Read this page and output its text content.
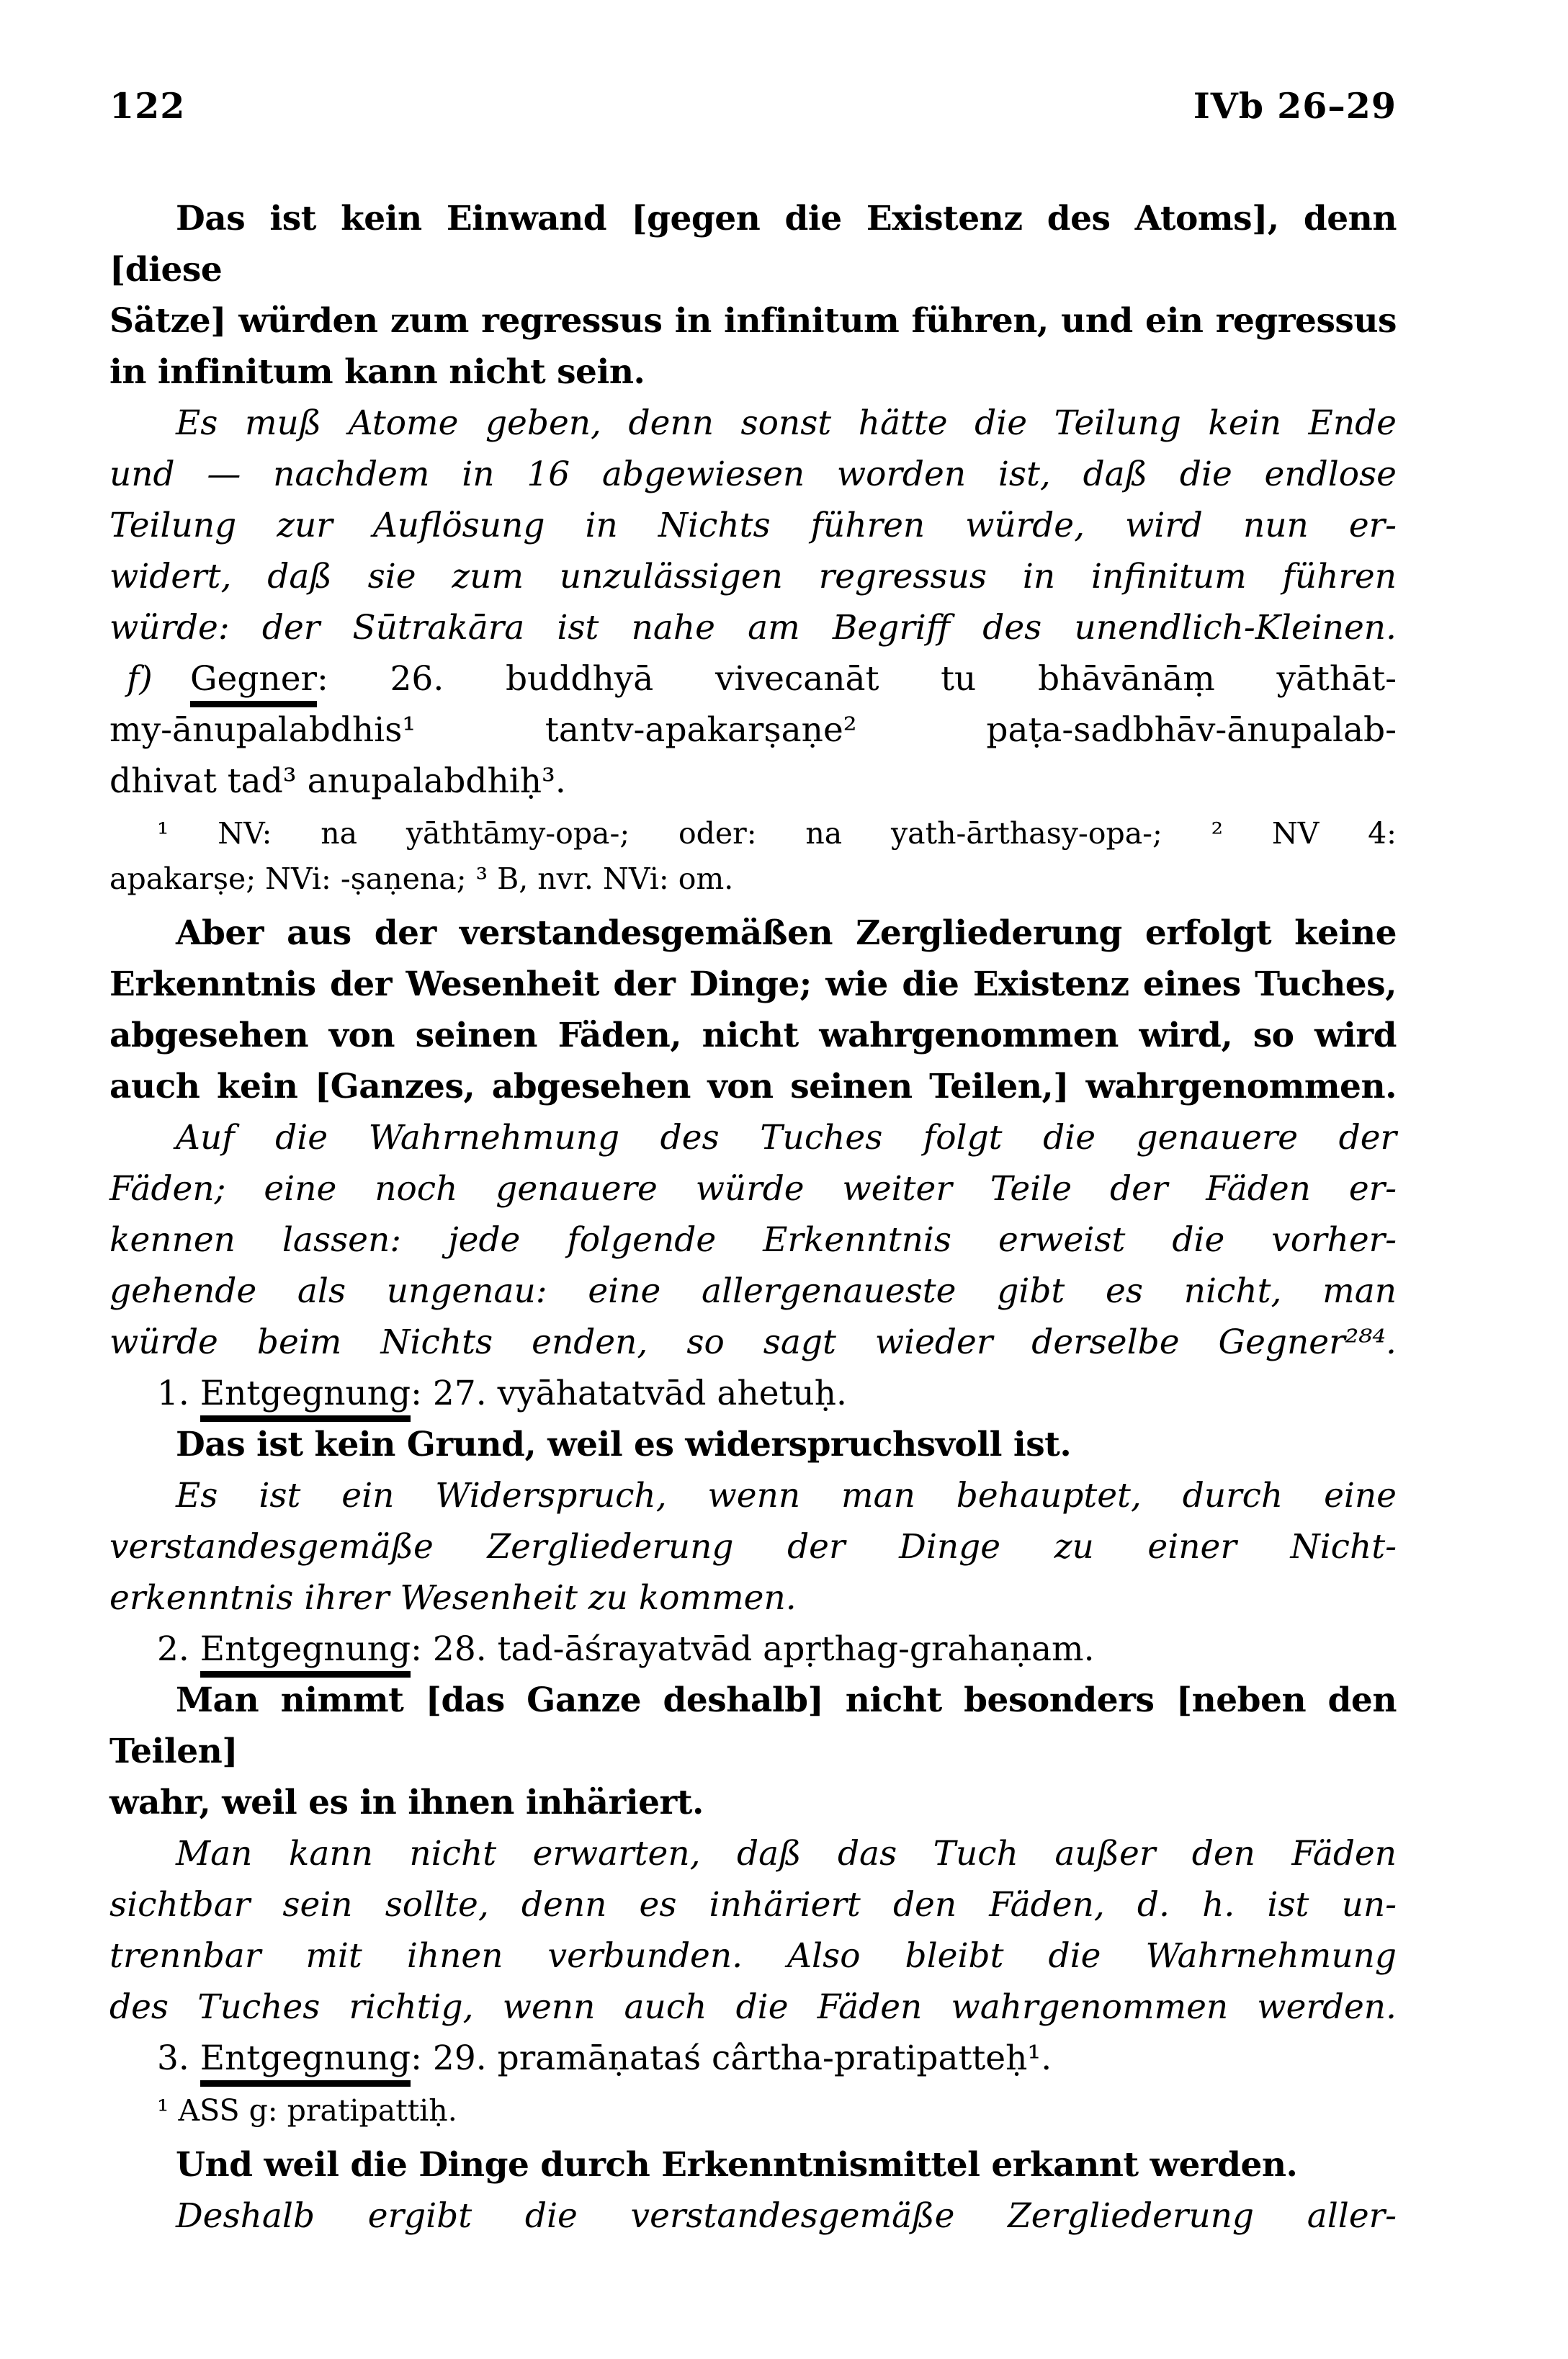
122	IVb 26–29
Das ist kein Einwand [gegen die Existenz des Atoms], denn [diese
Sätze] würden zum regressus in infinitum führen, und ein regressus
in infinitum kann nicht sein.
Es muß Atome geben, denn sonst hätte die Teilung kein Ende
und — nachdem in 16 abgewiesen worden ist, daß die endlose
Teilung zur Auflösung in Nichts führen würde, wird nun er-
widert, daß sie zum unzulässigen regressus in infinitum führen
würde: der Sūtrakāra ist nahe am Begriff des unendlich-Kleinen.
f) Gegner: 26. buddhyā vivecanāt tu bhāvānāṃ yāthāt-
my-ānupalabdhis¹ tantv-apakarṣaṇe² paṭa-sadbhāv-ānupalab-
dhivat tad³ anupalabdhiḥ³.
¹ NV: na yāthtāmy-opa-; oder: na yath-ārthasy-opa-; ² NV 4:
apakarṣe; NVi: -ṣaṇena; ³ B, nvr. NVi: om.
Aber aus der verstandesgemäßen Zergliederung erfolgt keine
Erkenntnis der Wesenheit der Dinge; wie die Existenz eines Tuches,
abgesehen von seinen Fäden, nicht wahrgenommen wird, so wird
auch kein [Ganzes, abgesehen von seinen Teilen,] wahrgenommen.
Auf die Wahrnehmung des Tuches folgt die genauere der
Fäden; eine noch genauere würde weiter Teile der Fäden er-
kennen lassen: jede folgende Erkenntnis erweist die vorher-
gehende als ungenau: eine allergenaueste gibt es nicht, man
würde beim Nichts enden, so sagt wieder derselbe Gegner²⁸⁴.
1. Entgegnung: 27. vyāhatatvād ahetuḥ.
Das ist kein Grund, weil es widerspruchsvoll ist.
Es ist ein Widerspruch, wenn man behauptet, durch eine
verstandesgemäße Zergliederung der Dinge zu einer Nicht-
erkenntnis ihrer Wesenheit zu kommen.
2. Entgegnung: 28. tad-āśrayatvād apṛthag-grahaṇam.
Man nimmt [das Ganze deshalb] nicht besonders [neben den Teilen]
wahr, weil es in ihnen inhäriert.
Man kann nicht erwarten, daß das Tuch außer den Fäden
sichtbar sein sollte, denn es inhäriert den Fäden, d. h. ist un-
trennbar mit ihnen verbunden. Also bleibt die Wahrnehmung
des Tuches richtig, wenn auch die Fäden wahrgenommen werden.
3. Entgegnung: 29. pramāṇataś cârtha-pratipatteḥ¹.
¹ ASS g: pratipattiḥ.
Und weil die Dinge durch Erkenntnismittel erkannt werden.
Deshalb ergibt die verstandesgemäße Zergliederung aller-
